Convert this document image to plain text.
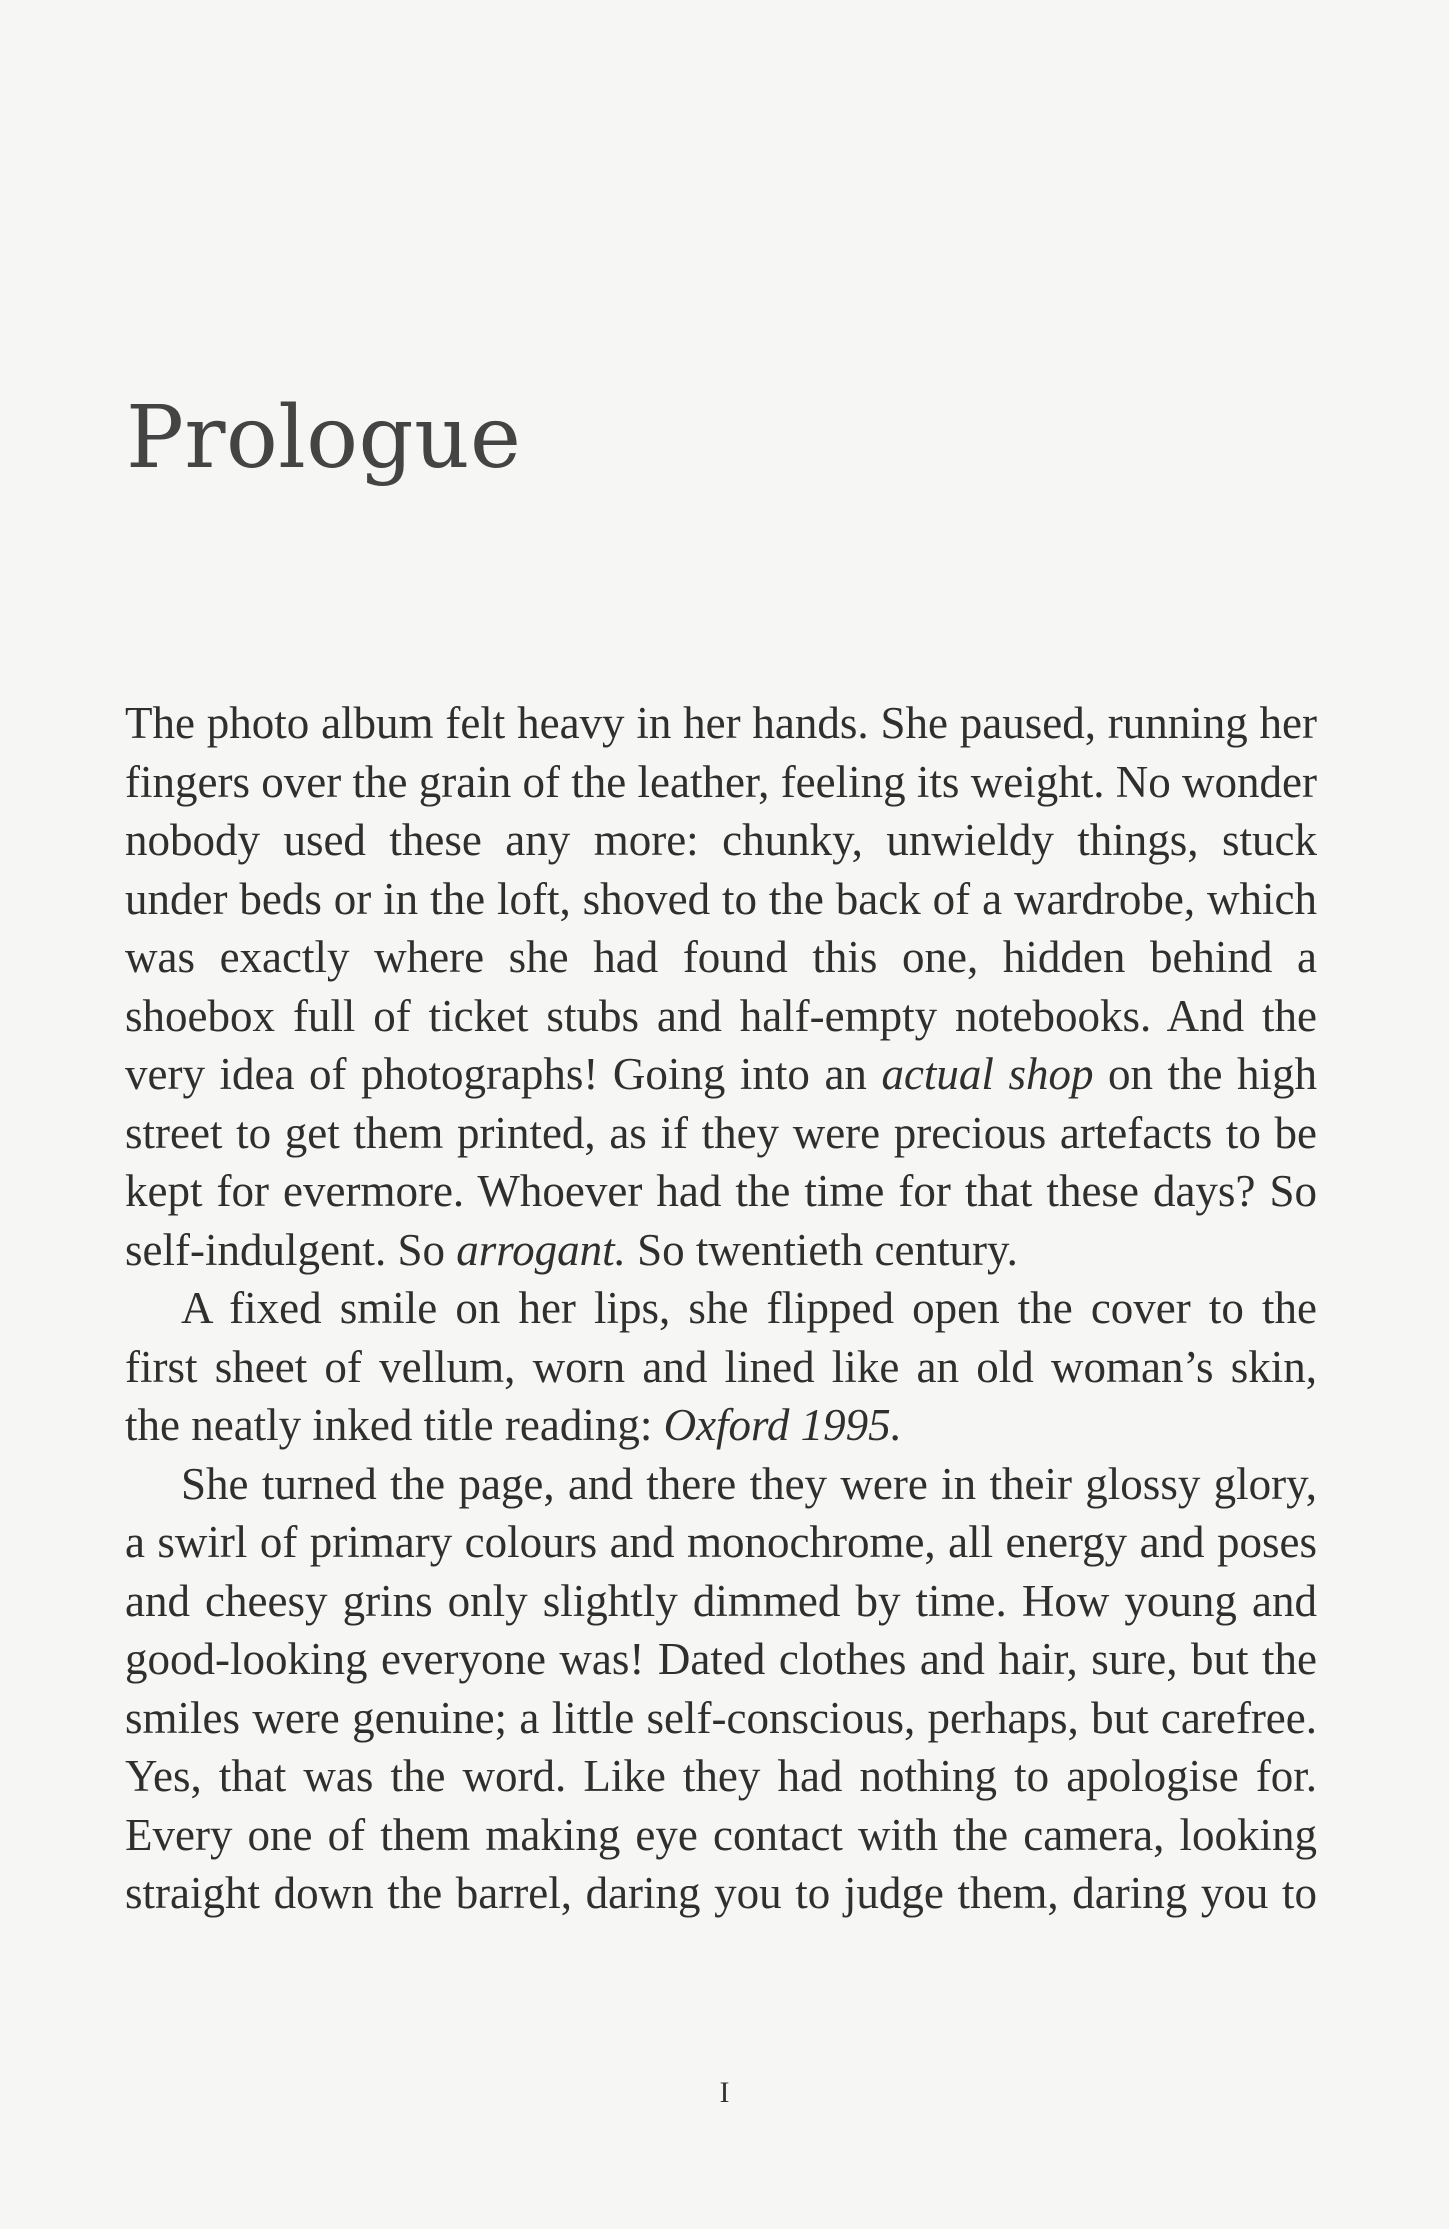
Prologue

The photo album felt heavy in her hands. She paused, running her fingers over the grain of the leather, feeling its weight. No wonder nobody used these any more: chunky, unwieldy things, stuck under beds or in the loft, shoved to the back of a wardrobe, which was exactly where she had found this one, hidden behind a shoebox full of ticket stubs and half-empty notebooks. And the very idea of photographs! Going into an actual shop on the high street to get them printed, as if they were precious artefacts to be kept for evermore. Whoever had the time for that these days? So self-indulgent. So arrogant. So twentieth century.

A fixed smile on her lips, she flipped open the cover to the first sheet of vellum, worn and lined like an old woman’s skin, the neatly inked title reading: Oxford 1995.

She turned the page, and there they were in their glossy glory, a swirl of primary colours and monochrome, all energy and poses and cheesy grins only slightly dimmed by time. How young and good-looking everyone was! Dated clothes and hair, sure, but the smiles were genuine; a little self-conscious, perhaps, but carefree. Yes, that was the word. Like they had nothing to apologise for. Every one of them making eye contact with the camera, looking straight down the barrel, daring you to judge them, daring you to

I
